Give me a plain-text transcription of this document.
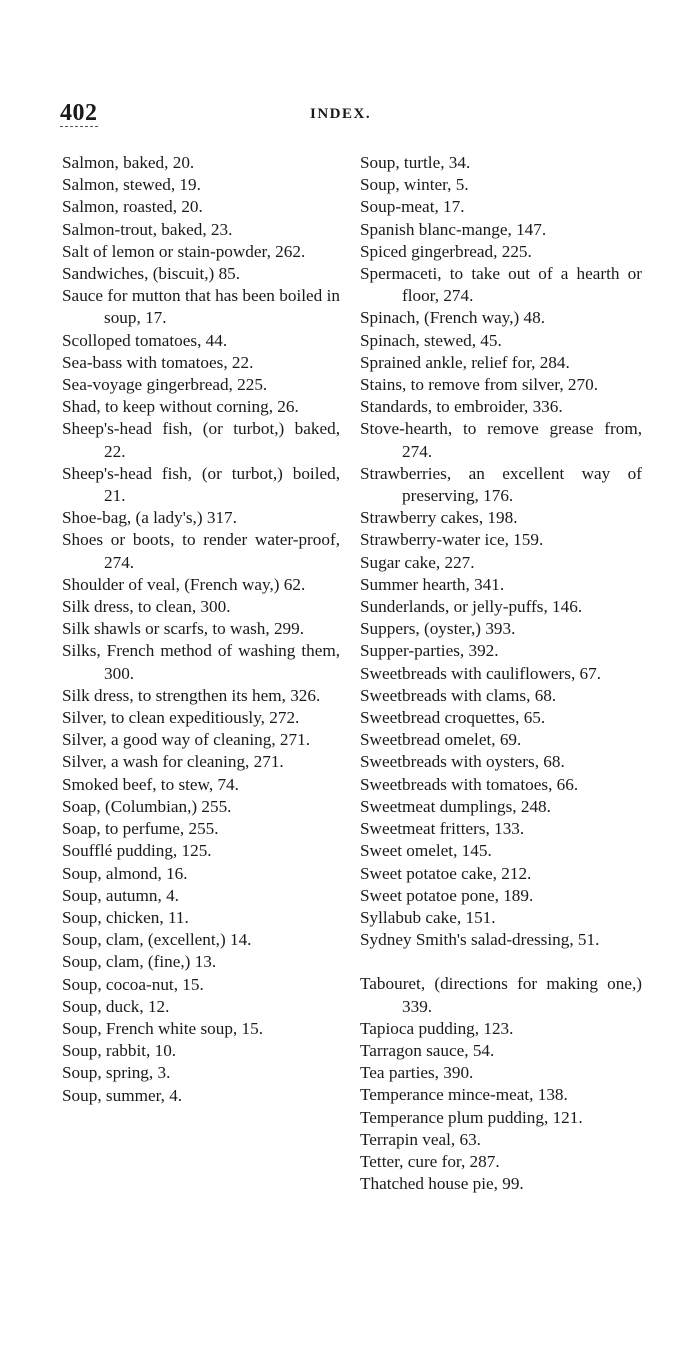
402	INDEX.
Salmon, baked, 20.
Salmon, stewed, 19.
Salmon, roasted, 20.
Salmon-trout, baked, 23.
Salt of lemon or stain-powder, 262.
Sandwiches, (biscuit,) 85.
Sauce for mutton that has been boiled in soup, 17.
Scolloped tomatoes, 44.
Sea-bass with tomatoes, 22.
Sea-voyage gingerbread, 225.
Shad, to keep without corning, 26.
Sheep's-head fish, (or turbot,) baked, 22.
Sheep's-head fish, (or turbot,) boiled, 21.
Shoe-bag, (a lady's,) 317.
Shoes or boots, to render water-proof, 274.
Shoulder of veal, (French way,) 62.
Silk dress, to clean, 300.
Silk shawls or scarfs, to wash, 299.
Silks, French method of washing them, 300.
Silk dress, to strengthen its hem, 326.
Silver, to clean expeditiously, 272.
Silver, a good way of cleaning, 271.
Silver, a wash for cleaning, 271.
Smoked beef, to stew, 74.
Soap, (Columbian,) 255.
Soap, to perfume, 255.
Soufflé pudding, 125.
Soup, almond, 16.
Soup, autumn, 4.
Soup, chicken, 11.
Soup, clam, (excellent,) 14.
Soup, clam, (fine,) 13.
Soup, cocoa-nut, 15.
Soup, duck, 12.
Soup, French white soup, 15.
Soup, rabbit, 10.
Soup, spring, 3.
Soup, summer, 4.
Soup, turtle, 34.
Soup, winter, 5.
Soup-meat, 17.
Spanish blanc-mange, 147.
Spiced gingerbread, 225.
Spermaceti, to take out of a hearth or floor, 274.
Spinach, (French way,) 48.
Spinach, stewed, 45.
Sprained ankle, relief for, 284.
Stains, to remove from silver, 270.
Standards, to embroider, 336.
Stove-hearth, to remove grease from, 274.
Strawberries, an excellent way of preserving, 176.
Strawberry cakes, 198.
Strawberry-water ice, 159.
Sugar cake, 227.
Summer hearth, 341.
Sunderlands, or jelly-puffs, 146.
Suppers, (oyster,) 393.
Supper-parties, 392.
Sweetbreads with cauliflowers, 67.
Sweetbreads with clams, 68.
Sweetbread croquettes, 65.
Sweetbread omelet, 69.
Sweetbreads with oysters, 68.
Sweetbreads with tomatoes, 66.
Sweetmeat dumplings, 248.
Sweetmeat fritters, 133.
Sweet omelet, 145.
Sweet potatoe cake, 212.
Sweet potatoe pone, 189.
Syllabub cake, 151.
Sydney Smith's salad-dressing, 51.
Tabouret, (directions for making one,) 339.
Tapioca pudding, 123.
Tarragon sauce, 54.
Tea parties, 390.
Temperance mince-meat, 138.
Temperance plum pudding, 121.
Terrapin veal, 63.
Tetter, cure for, 287.
Thatched house pie, 99.
